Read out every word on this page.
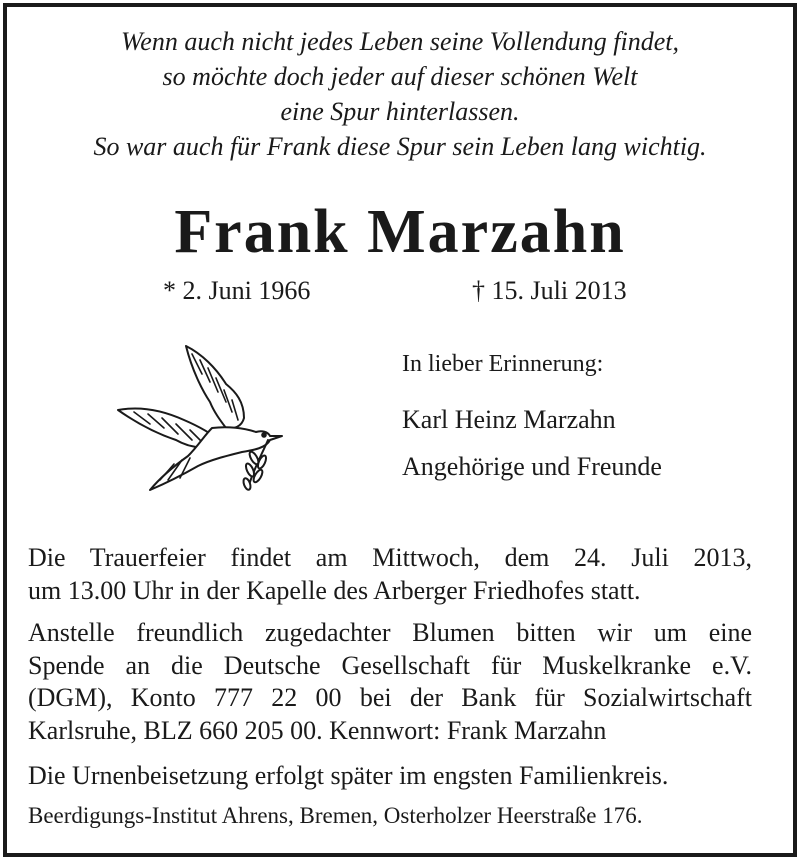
Wenn auch nicht jedes Leben seine Vollendung findet,
so möchte doch jeder auf dieser schönen Welt
eine Spur hinterlassen.
So war auch für Frank diese Spur sein Leben lang wichtig.
Frank Marzahn
* 2. Juni 1966	† 15. Juli 2013
In lieber Erinnerung:
Karl Heinz Marzahn
Angehörige und Freunde
Die Trauerfeier findet am Mittwoch, dem 24. Juli 2013,
um 13.00 Uhr in der Kapelle des Arberger Friedhofes statt.
Anstelle freundlich zugedachter Blumen bitten wir um eine
Spende an die Deutsche Gesellschaft für Muskelkranke e.V.
(DGM), Konto 777 22 00 bei der Bank für Sozialwirtschaft
Karlsruhe, BLZ 660 205 00. Kennwort: Frank Marzahn
Die Urnenbeisetzung erfolgt später im engsten Familienkreis.
Beerdigungs-Institut Ahrens, Bremen, Osterholzer Heerstraße 176.
